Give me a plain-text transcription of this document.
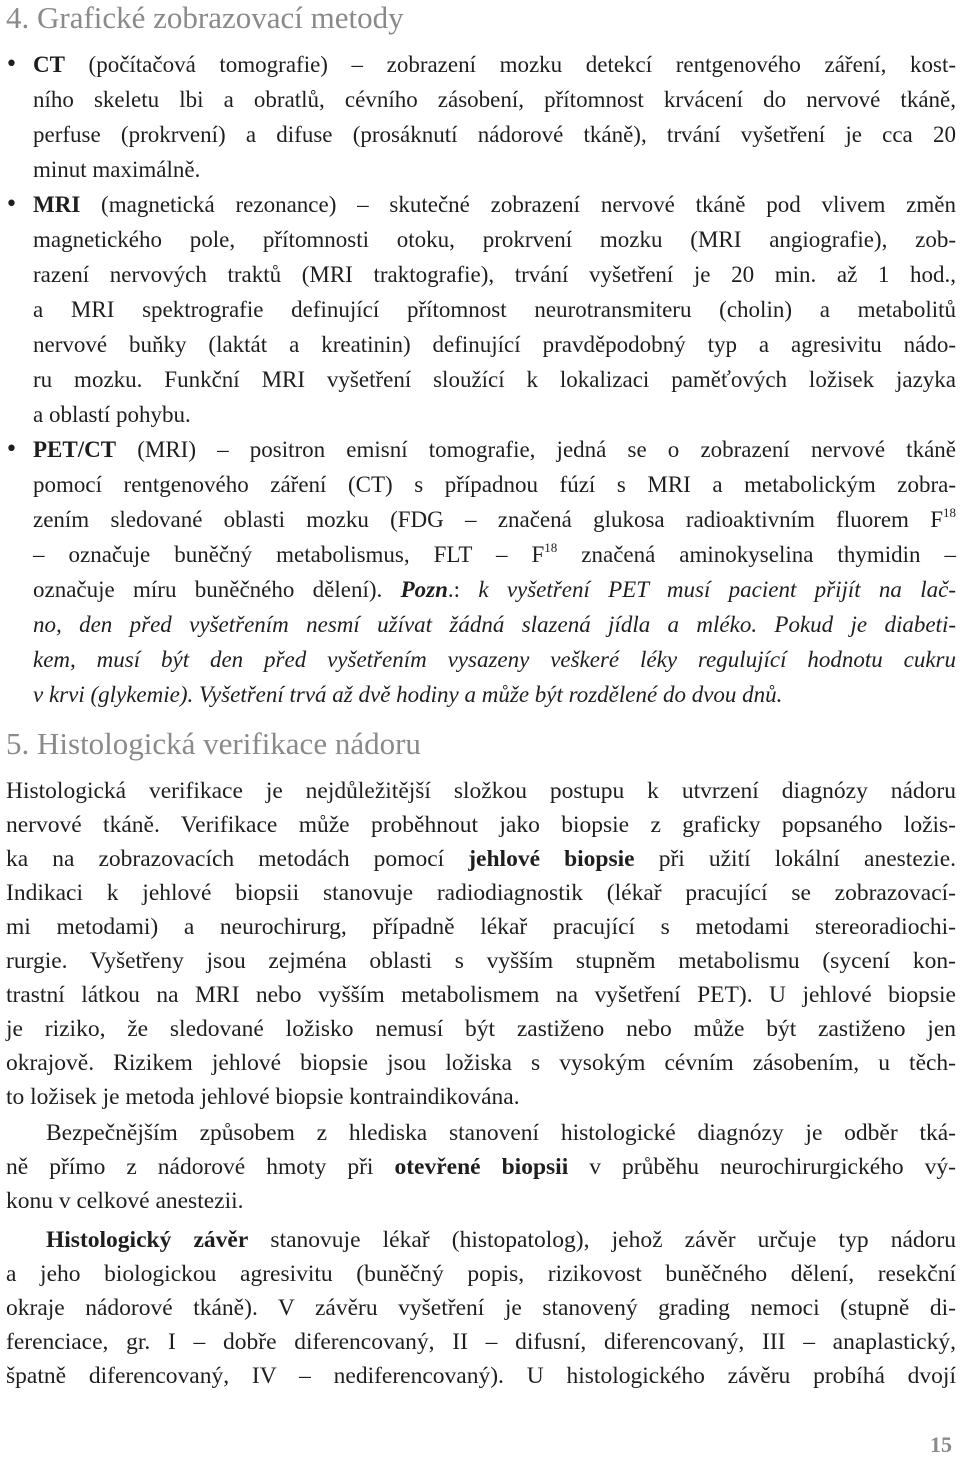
4. Grafické zobrazovací metody
• CT (počítačová tomografie) – zobrazení mozku detekcí rentgenového záření, kost-
ního skeletu lbi a obratlů, cévního zásobení, přítomnost krvácení do nervové tkáně,
perfuse (prokrvení) a difuse (prosáknutí nádorové tkáně), trvání vyšetření je cca 20
minut maximálně.
• MRI (magnetická rezonance) – skutečné zobrazení nervové tkáně pod vlivem změn
magnetického pole, přítomnosti otoku, prokrvení mozku (MRI angiografie), zob-
razení nervových traktů (MRI traktografie), trvání vyšetření je 20 min. až 1 hod.,
a MRI spektrografie definující přítomnost neurotransmiteru (cholin) a metabolitů
nervové buňky (laktát a kreatinin) definující pravděpodobný typ a agresivitu nádo-
ru mozku. Funkční MRI vyšetření sloužící k lokalizaci paměťových ložisek jazyka
a oblastí pohybu.
• PET/CT (MRI) – positron emisní tomografie, jedná se o zobrazení nervové tkáně
pomocí rentgenového záření (CT) s případnou fúzí s MRI a metabolickým zobra-
zením sledované oblasti mozku (FDG – značená glukosa radioaktivním fluorem $F^{18}$
– označuje buněčný metabolismus, FLT – $F^{18}$ značená aminokyselina thymidin –
označuje míru buněčného dělení). Pozn.: k vyšetření PET musí pacient přijít na lač-
no, den před vyšetřením nesmí užívat žádná slazená jídla a mléko. Pokud je diabeti-
kem, musí být den před vyšetřením vysazeny veškeré léky regulující hodnotu cukru
v krvi (glykemie). Vyšetření trvá až dvě hodiny a může být rozdělené do dvou dnů.
5. Histologická verifikace nádoru
Histologická verifikace je nejdůležitější složkou postupu k utvrzení diagnózy nádoru
nervové tkáně. Verifikace může proběhnout jako biopsie z graficky popsaného ložis-
ka na zobrazovacích metodách pomocí jehlové biopsie při užití lokální anestezie.
Indikaci k jehlové biopsii stanovuje radiodiagnostik (lékař pracující se zobrazovací-
mi metodami) a neurochirurg, případně lékař pracující s metodami stereoradiochi-
rurgie. Vyšetřeny jsou zejména oblasti s vyšším stupněm metabolismu (sycení kon-
trastní látkou na MRI nebo vyšším metabolismem na vyšetření PET). U jehlové biopsie
je riziko, že sledované ložisko nemusí být zastiženo nebo může být zastiženo jen
okrajově. Rizikem jehlové biopsie jsou ložiska s vysokým cévním zásobením, u těch-
to ložisek je metoda jehlové biopsie kontraindikována.
Bezpečnějším způsobem z hlediska stanovení histologické diagnózy je odběr tká-
ně přímo z nádorové hmoty při otevřené biopsii v průběhu neurochirurgického vý-
konu v celkové anestezii.
Histologický závěr stanovuje lékař (histopatolog), jehož závěr určuje typ nádoru
a jeho biologickou agresivitu (buněčný popis, rizikovost buněčného dělení, resekční
okraje nádorové tkáně). V závěru vyšetření je stanovený grading nemoci (stupně di-
ferenciace, gr. I – dobře diferencovaný, II – difusní, diferencovaný, III – anaplastický,
špatně diferencovaný, IV – nediferencovaný). U histologického závěru probíhá dvojí
15
